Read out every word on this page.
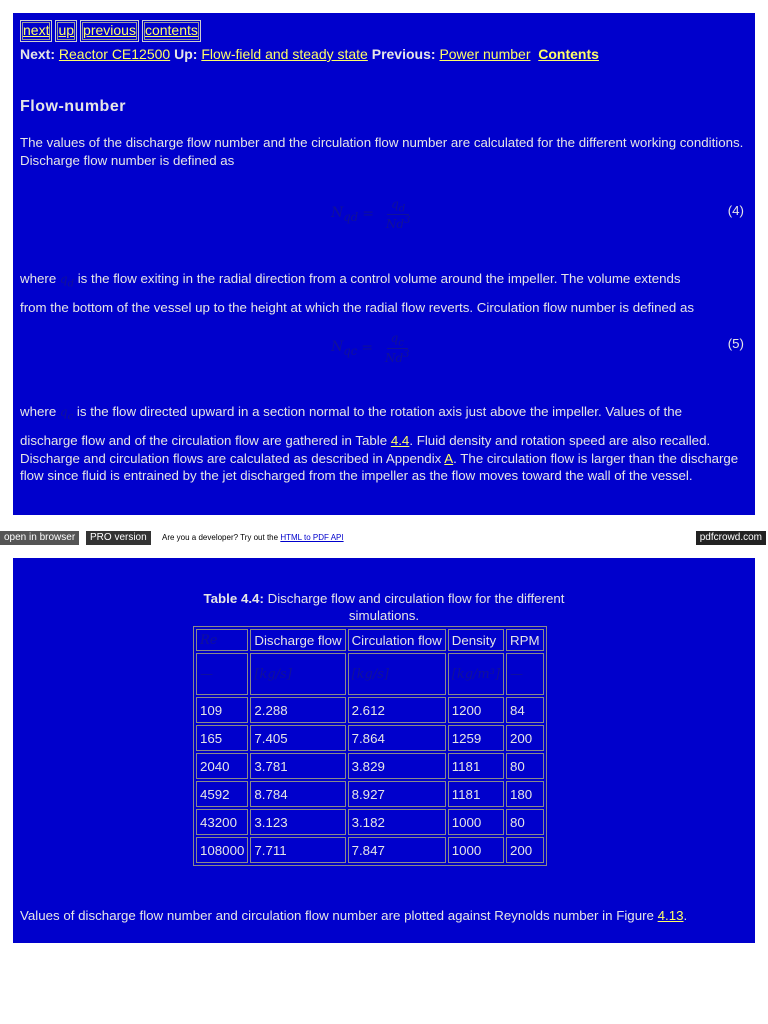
next up previous contents
Next: Reactor CE12500 Up: Flow-field and steady state Previous: Power number Contents
Flow-number
The values of the discharge flow number and the circulation flow number are calculated for the different working conditions. Discharge flow number is defined as
$N_{qd} = \frac{q_d}{Nd^3}$	(4)
where $q_d$ is the flow exiting in the radial direction from a control volume around the impeller. The volume extends
from the bottom of the vessel up to the height at which the radial flow reverts. Circulation flow number is defined as
$N_{qc} = \frac{q_c}{Nd^3}$	(5)
where $q_c$ is the flow directed upward in a section normal to the rotation axis just above the impeller. Values of the
discharge flow and of the circulation flow are gathered in Table 4.4. Fluid density and rotation speed are also recalled. Discharge and circulation flows are calculated as described in Appendix A. The circulation flow is larger than the discharge flow since fluid is entrained by the jet discharged from the impeller as the flow moves toward the wall of the vessel.
open in browser	PRO version	Are you a developer? Try out the HTML to PDF API	pdfcrowd.com
Table 4.4: Discharge flow and circulation flow for the different simulations.
Re	Discharge flow	Circulation flow	Density	RPM
—	[kg/s]	[kg/s]	[kg/m³]	—
109	2.288	2.612	1200	84
165	7.405	7.864	1259	200
2040	3.781	3.829	1181	80
4592	8.784	8.927	1181	180
43200	3.123	3.182	1000	80
108000	7.711	7.847	1000	200
Values of discharge flow number and circulation flow number are plotted against Reynolds number in Figure 4.13.
